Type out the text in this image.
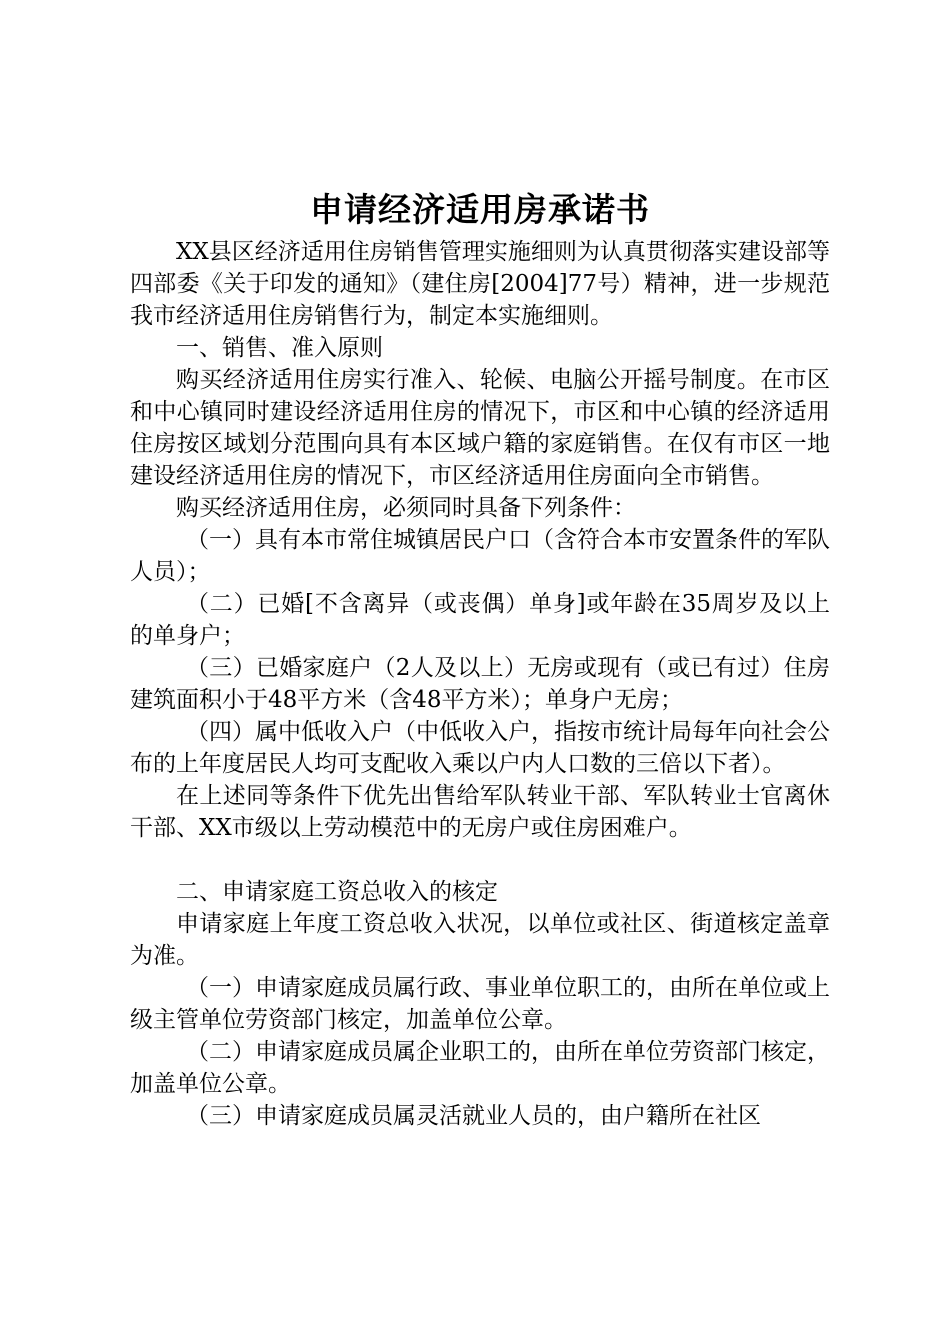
申请经济适用房承诺书

XX县区经济适用住房销售管理实施细则为认真贯彻落实建设部等四部委《关于印发的通知》（建住房[2004]77号）精神，进一步规范我市经济适用住房销售行为，制定本实施细则。

一、销售、准入原则

购买经济适用住房实行准入、轮候、电脑公开摇号制度。在市区和中心镇同时建设经济适用住房的情况下，市区和中心镇的经济适用住房按区域划分范围向具有本区域户籍的家庭销售。在仅有市区一地建设经济适用住房的情况下，市区经济适用住房面向全市销售。

购买经济适用住房，必须同时具备下列条件：

（一）具有本市常住城镇居民户口（含符合本市安置条件的军队人员）；

（二）已婚[不含离异（或丧偶）单身]或年龄在35周岁及以上的单身户；

（三）已婚家庭户（2人及以上）无房或现有（或已有过）住房建筑面积小于48平方米（含48平方米）；单身户无房；

（四）属中低收入户（中低收入户，指按市统计局每年向社会公布的上年度居民人均可支配收入乘以户内人口数的三倍以下者）。

在上述同等条件下优先出售给军队转业干部、军队转业士官离休干部、XX市级以上劳动模范中的无房户或住房困难户。

二、申请家庭工资总收入的核定

申请家庭上年度工资总收入状况，以单位或社区、街道核定盖章为准。

（一）申请家庭成员属行政、事业单位职工的，由所在单位或上级主管单位劳资部门核定，加盖单位公章。

（二）申请家庭成员属企业职工的，由所在单位劳资部门核定，加盖单位公章。

（三）申请家庭成员属灵活就业人员的，由户籍所在社区
